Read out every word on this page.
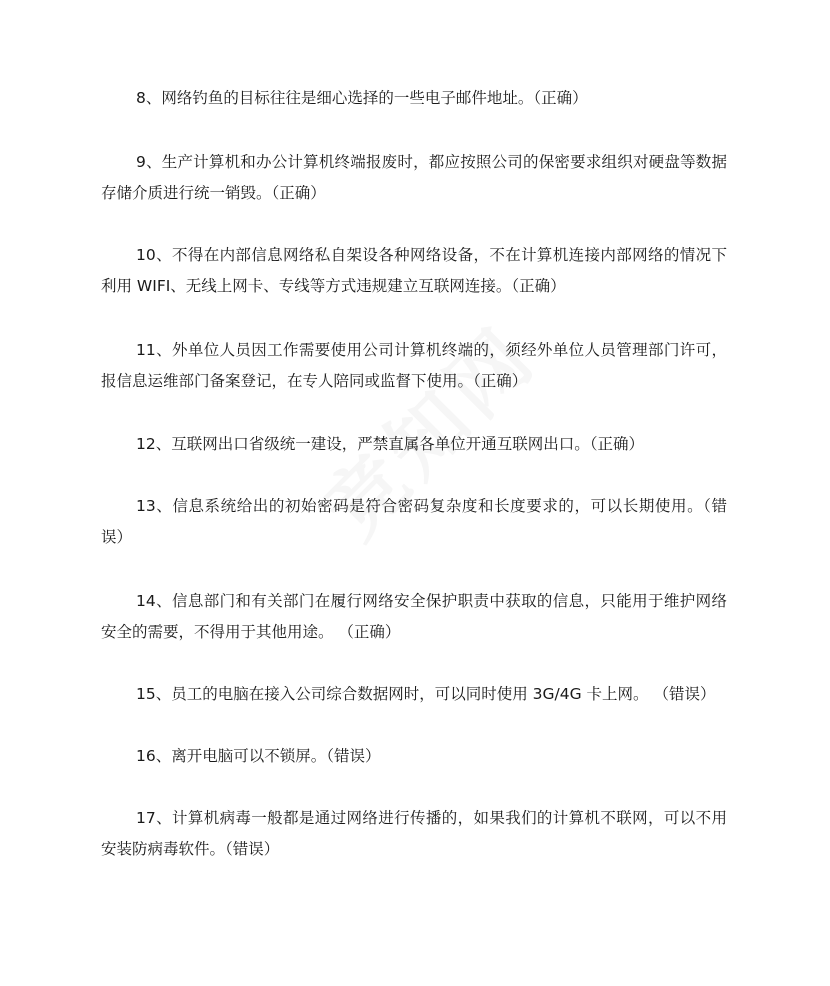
8、网络钓鱼的目标往往是细心选择的一些电子邮件地址。（正确）

9、生产计算机和办公计算机终端报废时，都应按照公司的保密要求组织对硬盘等数据存储介质进行统一销毁。（正确）

10、不得在内部信息网络私自架设各种网络设备，不在计算机连接内部网络的情况下利用 WIFI、无线上网卡、专线等方式违规建立互联网连接。（正确）

11、外单位人员因工作需要使用公司计算机终端的，须经外单位人员管理部门许可，报信息运维部门备案登记，在专人陪同或监督下使用。（正确）

12、互联网出口省级统一建设，严禁直属各单位开通互联网出口。（正确）

13、信息系统给出的初始密码是符合密码复杂度和长度要求的，可以长期使用。（错误）

14、信息部门和有关部门在履行网络安全保护职责中获取的信息，只能用于维护网络安全的需要，不得用于其他用途。 （正确）

15、员工的电脑在接入公司综合数据网时，可以同时使用 3G/4G 卡上网。 （错误）

16、离开电脑可以不锁屏。（错误）

17、计算机病毒一般都是通过网络进行传播的，如果我们的计算机不联网，可以不用安装防病毒软件。（错误）
